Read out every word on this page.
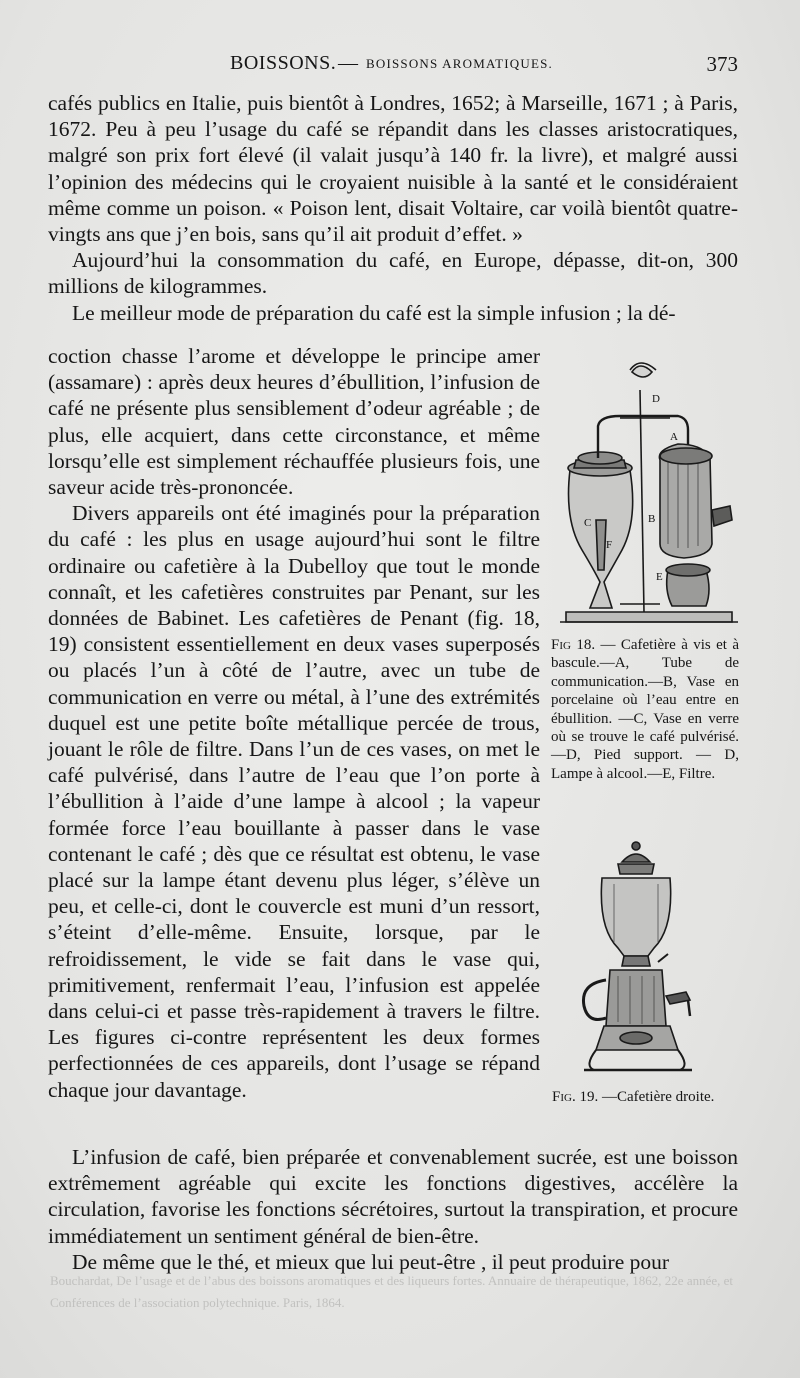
Bouchardat, De l’usage et de l’abus des boissons aromatiques et des liqueurs fortes. Annuaire de thérapeutique, 1862, 22e année, et Conférences de l’association polytechnique. Paris, 1864.
BOISSONS. — BOISSONS AROMATIQUES.	373

cafés publics en Italie, puis bientôt à Londres, 1652; à Marseille, 1671 ; à Paris, 1672. Peu à peu l’usage du café se répandit dans les classes aristocratiques, malgré son prix fort élevé (il valait jusqu’à 140 fr. la livre), et malgré aussi l’opinion des médecins qui le croyaient nuisible à la santé et le considéraient même comme un poison. « Poison lent, disait Voltaire, car voilà bientôt quatre-vingts ans que j’en bois, sans qu’il ait produit d’effet. »

Aujourd’hui la consommation du café, en Europe, dépasse, dit-on, 300 millions de kilogrammes.

Le meilleur mode de préparation du café est la simple infusion ; la dé-

coction chasse l’arome et développe le principe amer (assamare) : après deux heures d’ébullition, l’infusion de café ne présente plus sensiblement d’odeur agréable ; de plus, elle acquiert, dans cette circonstance, et même lorsqu’elle est simplement réchauffée plusieurs fois, une saveur acide très-prononcée.

Divers appareils ont été imaginés pour la préparation du café : les plus en usage aujourd’hui sont le filtre ordinaire ou cafetière à la Dubelloy que tout le monde connaît, et les cafetières construites par Penant, sur les données de Babinet. Les cafetières de Penant (fig. 18, 19) consistent essentiellement en deux vases superposés ou placés l’un à côté de l’autre, avec un tube de communication en verre ou métal, à l’une des extrémités duquel est une petite boîte métallique percée de trous, jouant le rôle de filtre. Dans l’un de ces vases, on met le café pulvérisé, dans l’autre de l’eau que l’on porte à l’ébullition à l’aide d’une lampe à alcool ; la vapeur formée force l’eau bouillante à passer dans le vase contenant le café ; dès que ce résultat est obtenu, le vase placé sur la lampe étant devenu plus léger, s’élève un peu, et celle-ci, dont le couvercle est muni d’un ressort, s’éteint d’elle-même. Ensuite, lorsque, par le refroidissement, le vide se fait dans le vase qui, primitivement, renfermait l’eau, l’infusion est appelée dans celui-ci et passe très-rapidement à travers le filtre. Les figures ci-contre représentent les deux formes perfectionnées de ces appareils, dont l’usage se répand chaque jour davantage.

D
A
C	B
F
E
Fig 18. — Cafetière à vis et à bascule.—A, Tube de communication.—B, Vase en porcelaine où l’eau entre en ébullition. —C, Vase en verre où se trouve le café pulvérisé. —D, Pied support. — D, Lampe à alcool.—E, Filtre.
Fig. 19. —Cafetière droite.

L’infusion de café, bien préparée et convenablement sucrée, est une boisson extrêmement agréable qui excite les fonctions digestives, accélère la circulation, favorise les fonctions sécrétoires, surtout la transpiration, et procure immédiatement un sentiment général de bien-être.

De même que le thé, et mieux que lui peut-être , il peut produire pour
